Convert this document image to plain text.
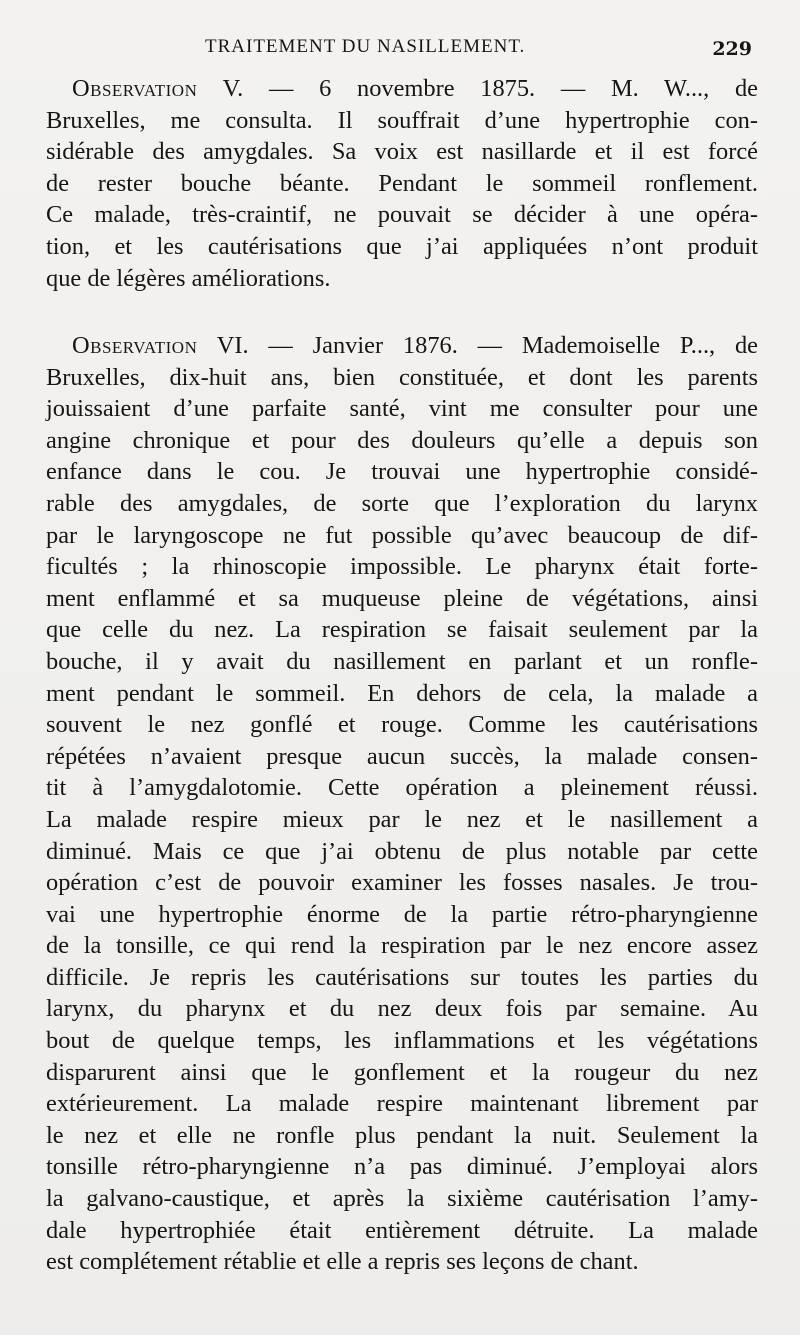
TRAITEMENT DU NASILLEMENT.	229
Observation V. — 6 novembre 1875. — M. W..., de
Bruxelles, me consulta. Il souffrait d’une hypertrophie con-
sidérable des amygdales. Sa voix est nasillarde et il est forcé
de rester bouche béante. Pendant le sommeil ronflement.
Ce malade, très-craintif, ne pouvait se décider à une opéra-
tion, et les cautérisations que j’ai appliquées n’ont produit
que de légères améliorations.
Observation VI. — Janvier 1876. — Mademoiselle P..., de
Bruxelles, dix-huit ans, bien constituée, et dont les parents
jouissaient d’une parfaite santé, vint me consulter pour une
angine chronique et pour des douleurs qu’elle a depuis son
enfance dans le cou. Je trouvai une hypertrophie considé-
rable des amygdales, de sorte que l’exploration du larynx
par le laryngoscope ne fut possible qu’avec beaucoup de dif-
ficultés ; la rhinoscopie impossible. Le pharynx était forte-
ment enflammé et sa muqueuse pleine de végétations, ainsi
que celle du nez. La respiration se faisait seulement par la
bouche, il y avait du nasillement en parlant et un ronfle-
ment pendant le sommeil. En dehors de cela, la malade a
souvent le nez gonflé et rouge. Comme les cautérisations
répétées n’avaient presque aucun succès, la malade consen-
tit à l’amygdalotomie. Cette opération a pleinement réussi.
La malade respire mieux par le nez et le nasillement a
diminué. Mais ce que j’ai obtenu de plus notable par cette
opération c’est de pouvoir examiner les fosses nasales. Je trou-
vai une hypertrophie énorme de la partie rétro-pharyngienne
de la tonsille, ce qui rend la respiration par le nez encore assez
difficile. Je repris les cautérisations sur toutes les parties du
larynx, du pharynx et du nez deux fois par semaine. Au
bout de quelque temps, les inflammations et les végétations
disparurent ainsi que le gonflement et la rougeur du nez
extérieurement. La malade respire maintenant librement par
le nez et elle ne ronfle plus pendant la nuit. Seulement la
tonsille rétro-pharyngienne n’a pas diminué. J’employai alors
la galvano-caustique, et après la sixième cautérisation l’amy-
dale hypertrophiée était entièrement détruite. La malade
est complétement rétablie et elle a repris ses leçons de chant.
